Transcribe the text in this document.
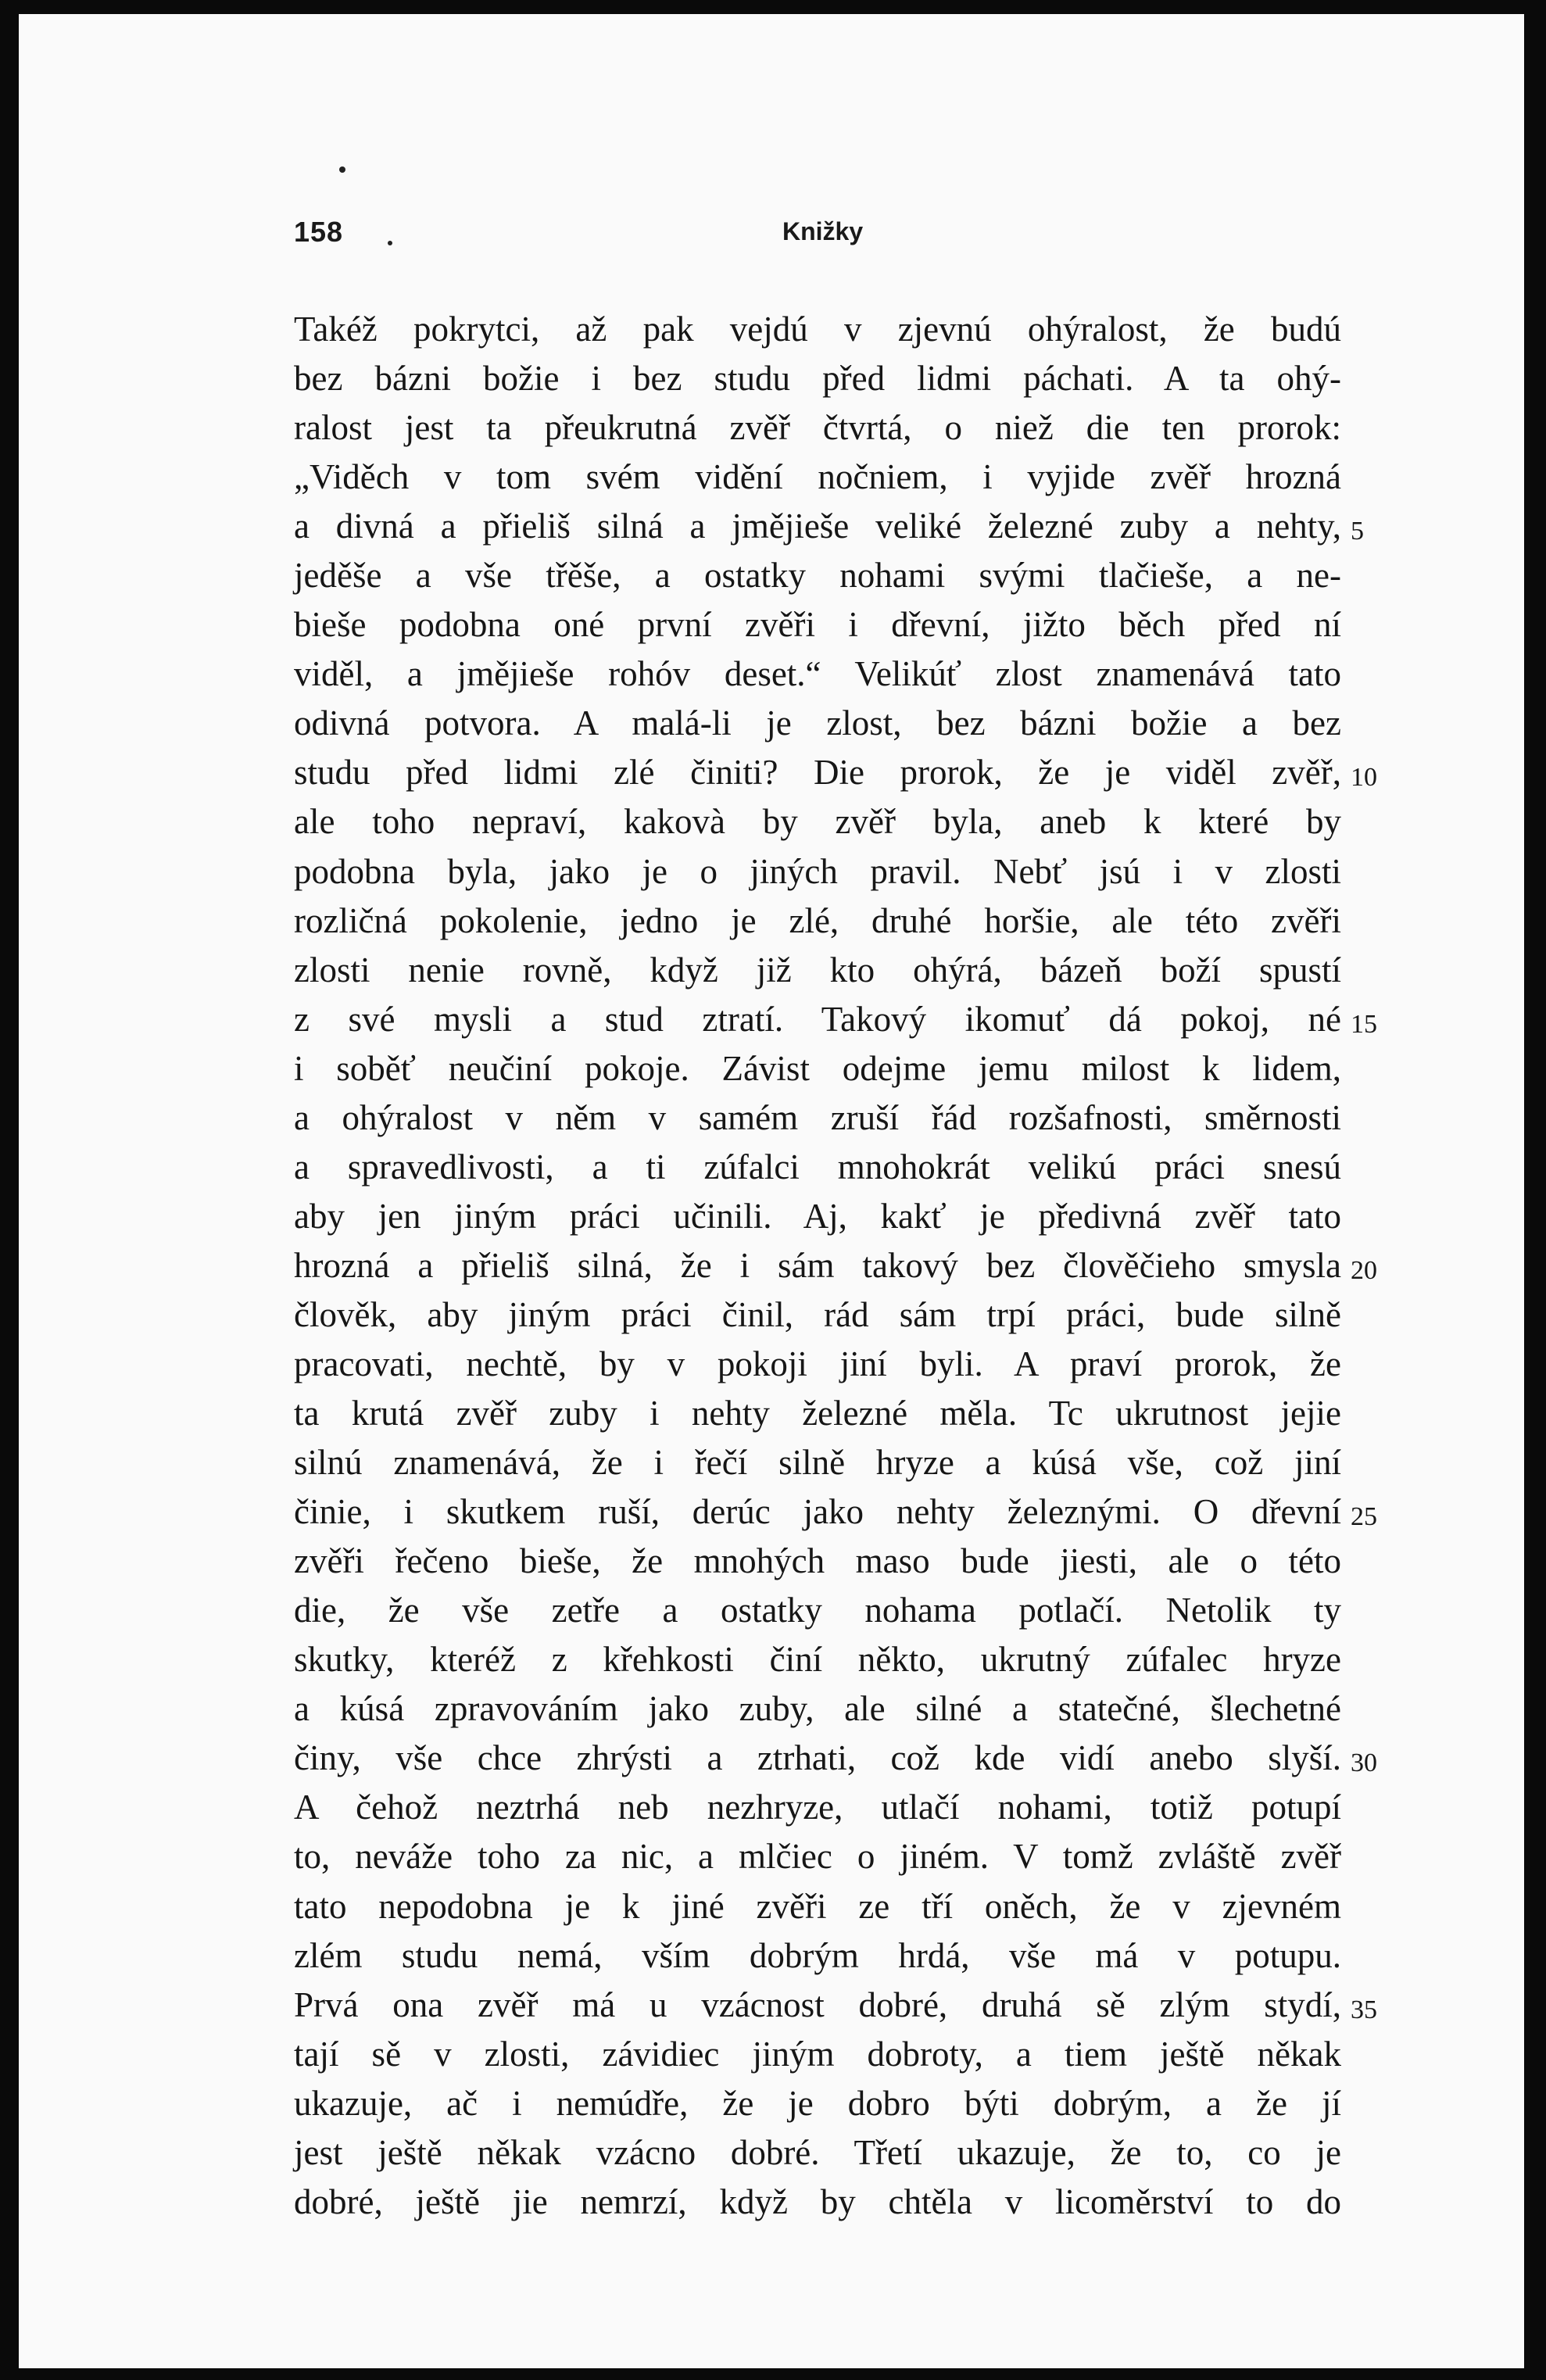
158	Knižky
Takéž pokrytci, až pak vejdú v zjevnú ohýralost, že budú
bez bázni božie i bez studu před lidmi páchati. A ta ohý-
ralost jest ta přeukrutná zvěř čtvrtá, o niež die ten prorok:
„Viděch v tom svém vidění nočniem, i vyjide zvěř hrozná
a divná a přieliš silná a jmějieše veliké železné zuby a nehty, 5
jeděše a vše třěše, a ostatky nohami svými tlačieše, a ne-
bieše podobna oné první zvěři i dřevní, jižto běch před ní
viděl, a jmějieše rohóv deset.“ Velikúť zlost znamenává tato
odivná potvora. A malá-li je zlost, bez bázni božie a bez
studu před lidmi zlé činiti? Die prorok, že je viděl zvěř, 10
ale toho nepraví, kakovà by zvěř byla, aneb k které by
podobna byla, jako je o jiných pravil. Nebť jsú i v zlosti
rozličná pokolenie, jedno je zlé, druhé horšie, ale této zvěři
zlosti nenie rovně, když již kto ohýrá, bázeň boží spustí
z své mysli a stud ztratí. Takový ikomuť dá pokoj, né 15
i soběť neučiní pokoje. Závist odejme jemu milost k lidem,
a ohýralost v něm v samém zruší řád rozšafnosti, směrnosti
a spravedlivosti, a ti zúfalci mnohokrát velikú práci snesú
aby jen jiným práci učinili. Aj, kakť je předivná zvěř tato
hrozná a přieliš silná, že i sám takový bez člověčieho smysla 20
člověk, aby jiným práci činil, rád sám trpí práci, bude silně
pracovati, nechtě, by v pokoji jiní byli. A praví prorok, že
ta krutá zvěř zuby i nehty železné měla. Tc ukrutnost jejie
silnú znamenává, že i řečí silně hryze a kúsá vše, což jiní
činie, i skutkem ruší, derúc jako nehty železnými. O dřevní 25
zvěři řečeno bieše, že mnohých maso bude jiesti, ale o této
die, že vše zetře a ostatky nohama potlačí. Netolik ty
skutky, kteréž z křehkosti činí někto, ukrutný zúfalec hryze
a kúsá zpravováním jako zuby, ale silné a statečné, šlechetné
činy, vše chce zhrýsti a ztrhati, což kde vidí anebo slyší. 30
A čehož neztrhá neb nezhryze, utlačí nohami, totiž potupí
to, neváže toho za nic, a mlčiec o jiném. V tomž zvláště zvěř
tato nepodobna je k jiné zvěři ze tří oněch, že v zjevném
zlém studu nemá, vším dobrým hrdá, vše má v potupu.
Prvá ona zvěř má u vzácnost dobré, druhá sě zlým stydí, 35
tají sě v zlosti, závidiec jiným dobroty, a tiem ještě někak
ukazuje, ač i nemúdře, že je dobro býti dobrým, a že jí
jest ještě někak vzácno dobré. Třetí ukazuje, že to, co je
dobré, ještě jie nemrzí, když by chtěla v licoměrství to do
